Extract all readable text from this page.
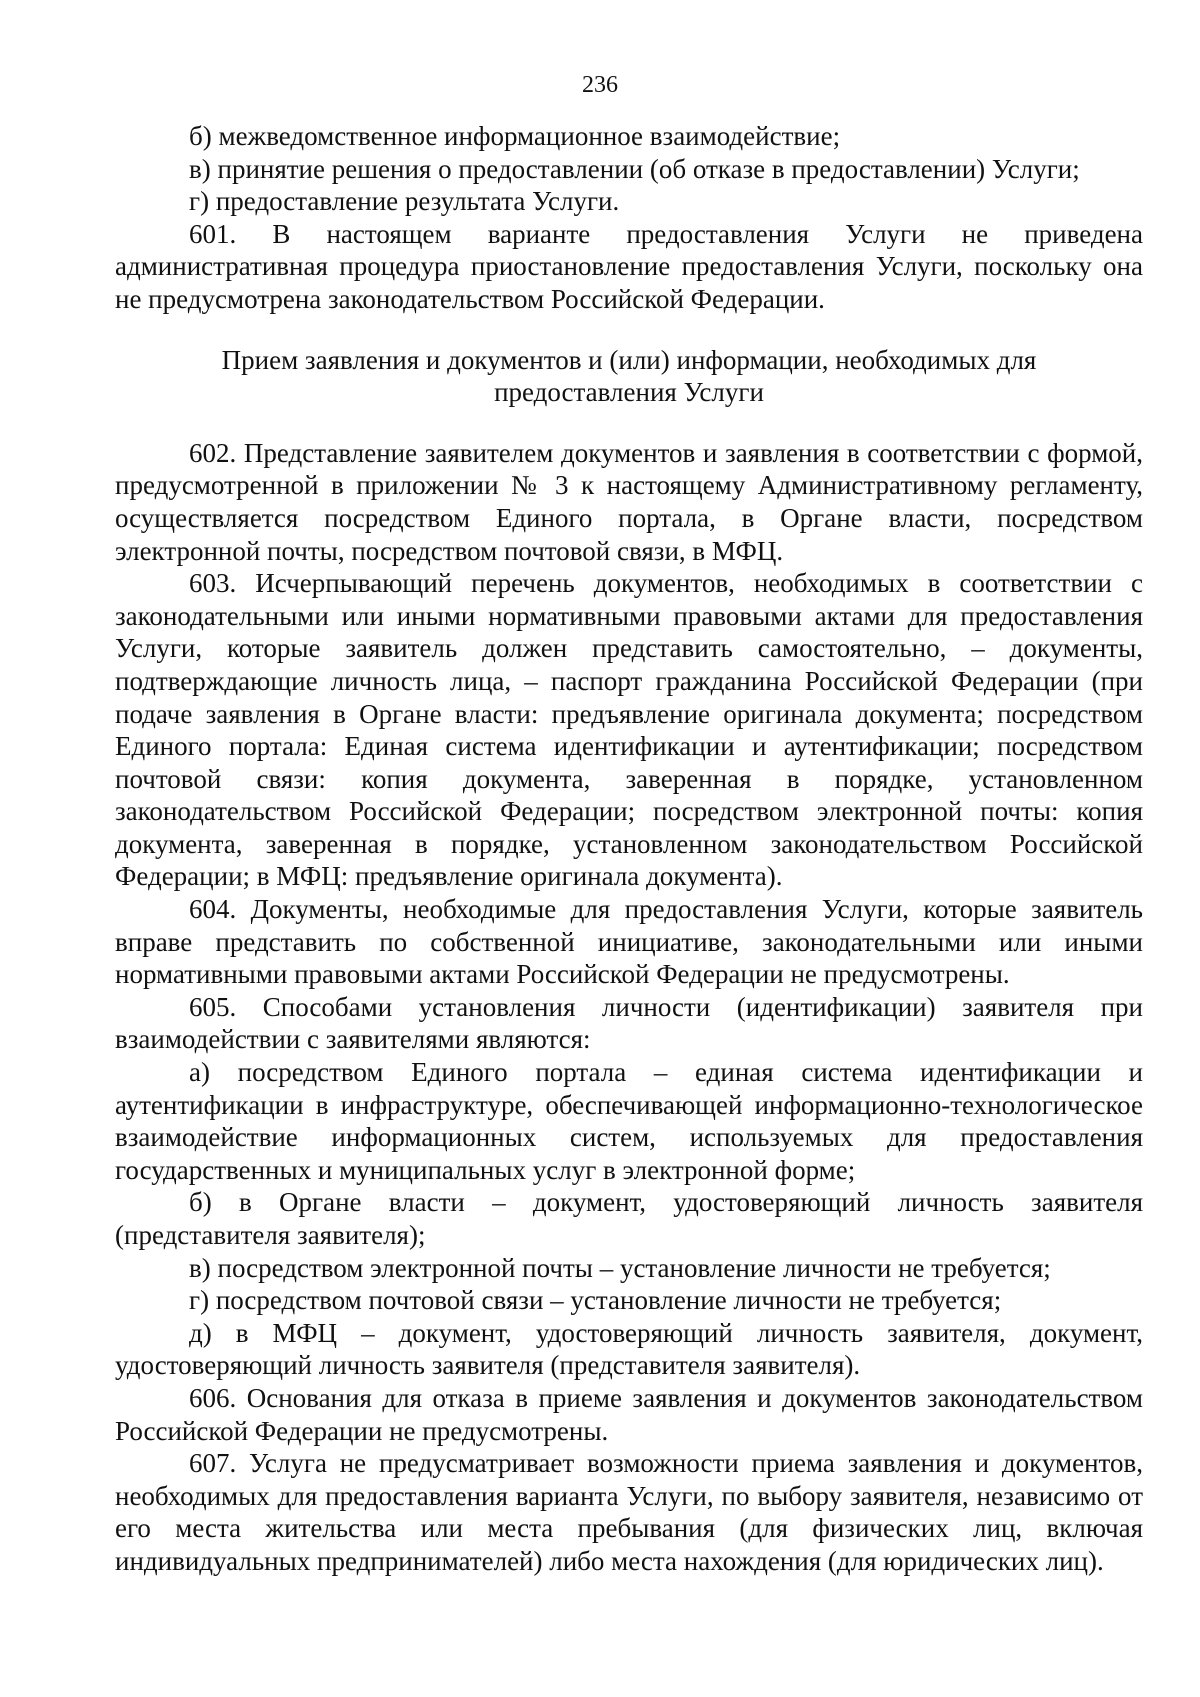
236

б) межведомственное информационное взаимодействие;

в) принятие решения о предоставлении (об отказе в предоставлении) Услуги;

г) предоставление результата Услуги.

601. В настоящем варианте предоставления Услуги не приведена административная процедура приостановление предоставления Услуги, поскольку она не предусмотрена законодательством Российской Федерации.

Прием заявления и документов и (или) информации, необходимых для предоставления Услуги

602. Представление заявителем документов и заявления в соответствии с формой, предусмотренной в приложении № 3 к настоящему Административному регламенту, осуществляется посредством Единого портала, в Органе власти, посредством электронной почты, посредством почтовой связи, в МФЦ.

603. Исчерпывающий перечень документов, необходимых в соответствии с законодательными или иными нормативными правовыми актами для предоставления Услуги, которые заявитель должен представить самостоятельно, – документы, подтверждающие личность лица, – паспорт гражданина Российской Федерации (при подаче заявления в Органе власти: предъявление оригинала документа; посредством Единого портала: Единая система идентификации и аутентификации; посредством почтовой связи: копия документа, заверенная в порядке, установленном законодательством Российской Федерации; посредством электронной почты: копия документа, заверенная в порядке, установленном законодательством Российской Федерации; в МФЦ: предъявление оригинала документа).

604. Документы, необходимые для предоставления Услуги, которые заявитель вправе представить по собственной инициативе, законодательными или иными нормативными правовыми актами Российской Федерации не предусмотрены.

605. Способами установления личности (идентификации) заявителя при взаимодействии с заявителями являются:

а) посредством Единого портала – единая система идентификации и аутентификации в инфраструктуре, обеспечивающей информационно-технологическое взаимодействие информационных систем, используемых для предоставления государственных и муниципальных услуг в электронной форме;

б) в Органе власти – документ, удостоверяющий личность заявителя (представителя заявителя);

в) посредством электронной почты – установление личности не требуется;

г) посредством почтовой связи – установление личности не требуется;

д) в МФЦ – документ, удостоверяющий личность заявителя, документ, удостоверяющий личность заявителя (представителя заявителя).

606. Основания для отказа в приеме заявления и документов законодательством Российской Федерации не предусмотрены.

607. Услуга не предусматривает возможности приема заявления и документов, необходимых для предоставления варианта Услуги, по выбору заявителя, независимо от его места жительства или места пребывания (для физических лиц, включая индивидуальных предпринимателей) либо места нахождения (для юридических лиц).
